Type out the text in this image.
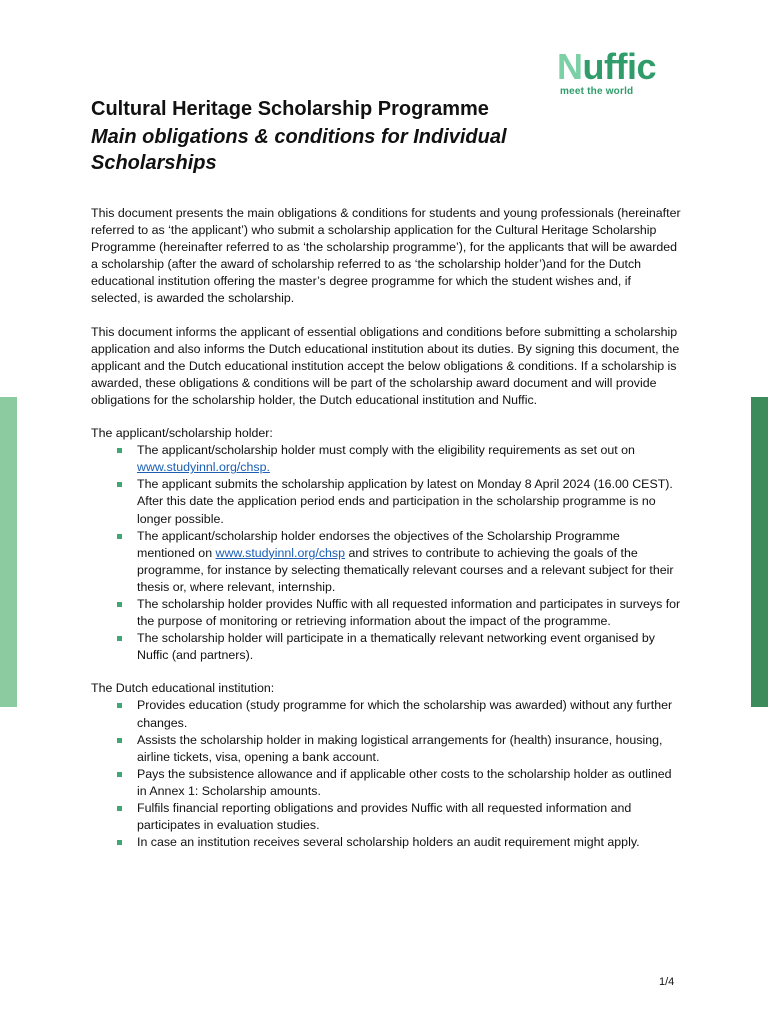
Nuffic
meet the world
Cultural Heritage Scholarship Programme
Main obligations & conditions for Individual Scholarships

This document presents the main obligations & conditions for students and young professionals (hereinafter referred to as ‘the applicant’) who submit a scholarship application for the Cultural Heritage Scholarship Programme (hereinafter referred to as ‘the scholarship programme’), for the applicants that will be awarded a scholarship (after the award of scholarship referred to as ‘the scholarship holder’)and for the Dutch educational institution offering the master’s degree programme for which the student wishes and, if selected, is awarded the scholarship.

This document informs the applicant of essential obligations and conditions before submitting a scholarship application and also informs the Dutch educational institution about its duties. By signing this document, the applicant and the Dutch educational institution accept the below obligations & conditions. If a scholarship is awarded, these obligations & conditions will be part of the scholarship award document and will provide obligations for the scholarship holder, the Dutch educational institution and Nuffic.

The applicant/scholarship holder:

The applicant/scholarship holder must comply with the eligibility requirements as set out on www.studyinnl.org/chsp.
The applicant submits the scholarship application by latest on Monday 8 April 2024 (16.00 CEST). After this date the application period ends and participation in the scholarship programme is no longer possible.
The applicant/scholarship holder endorses the objectives of the Scholarship Programme mentioned on www.studyinnl.org/chsp and strives to contribute to achieving the goals of the programme, for instance by selecting thematically relevant courses and a relevant subject for their thesis or, where relevant, internship.
The scholarship holder provides Nuffic with all requested information and participates in surveys for the purpose of monitoring or retrieving information about the impact of the programme.
The scholarship holder will participate in a thematically relevant networking event organised by Nuffic (and partners).

The Dutch educational institution:

Provides education (study programme for which the scholarship was awarded) without any further changes.
Assists the scholarship holder in making logistical arrangements for (health) insurance, housing, airline tickets, visa, opening a bank account.
Pays the subsistence allowance and if applicable other costs to the scholarship holder as outlined in Annex 1: Scholarship amounts.
Fulfils financial reporting obligations and provides Nuffic with all requested information and participates in evaluation studies.
In case an institution receives several scholarship holders an audit requirement might apply.
1/4
